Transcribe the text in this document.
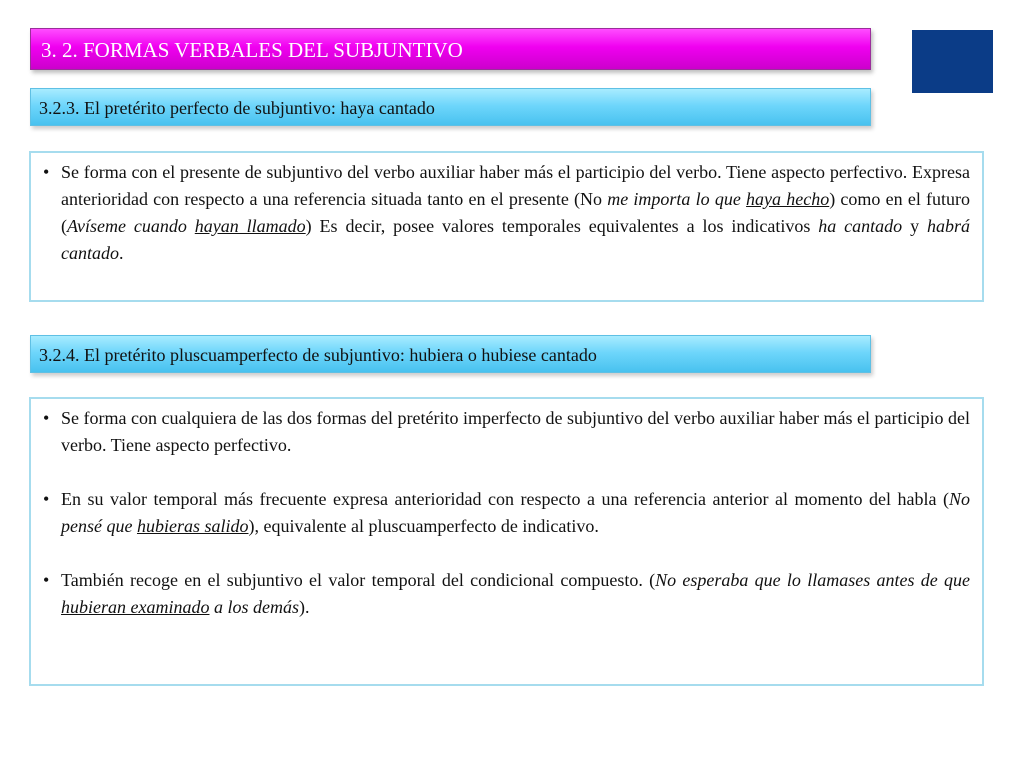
3. 2. FORMAS VERBALES DEL SUBJUNTIVO
3.2.3. El pretérito perfecto de subjuntivo: haya cantado

• Se forma con el presente de subjuntivo del verbo auxiliar haber más el participio del verbo. Tiene aspecto perfectivo. Expresa anterioridad con respecto a una referencia situada tanto en el presente (No me importa lo que haya hecho) como en el futuro (Avíseme cuando hayan llamado) Es decir, posee valores temporales equivalentes a los indicativos ha cantado y habrá cantado.

3.2.4. El pretérito pluscuamperfecto de subjuntivo: hubiera o hubiese cantado

• Se forma con cualquiera de las dos formas del pretérito imperfecto de subjuntivo del verbo auxiliar haber más el participio del verbo. Tiene aspecto perfectivo.

• En su valor temporal más frecuente expresa anterioridad con respecto a una referencia anterior al momento del habla (No pensé que hubieras salido), equivalente al pluscuamperfecto de indicativo.

• También recoge en el subjuntivo el valor temporal del condicional compuesto. (No esperaba que lo llamases antes de que hubieran examinado a los demás).
